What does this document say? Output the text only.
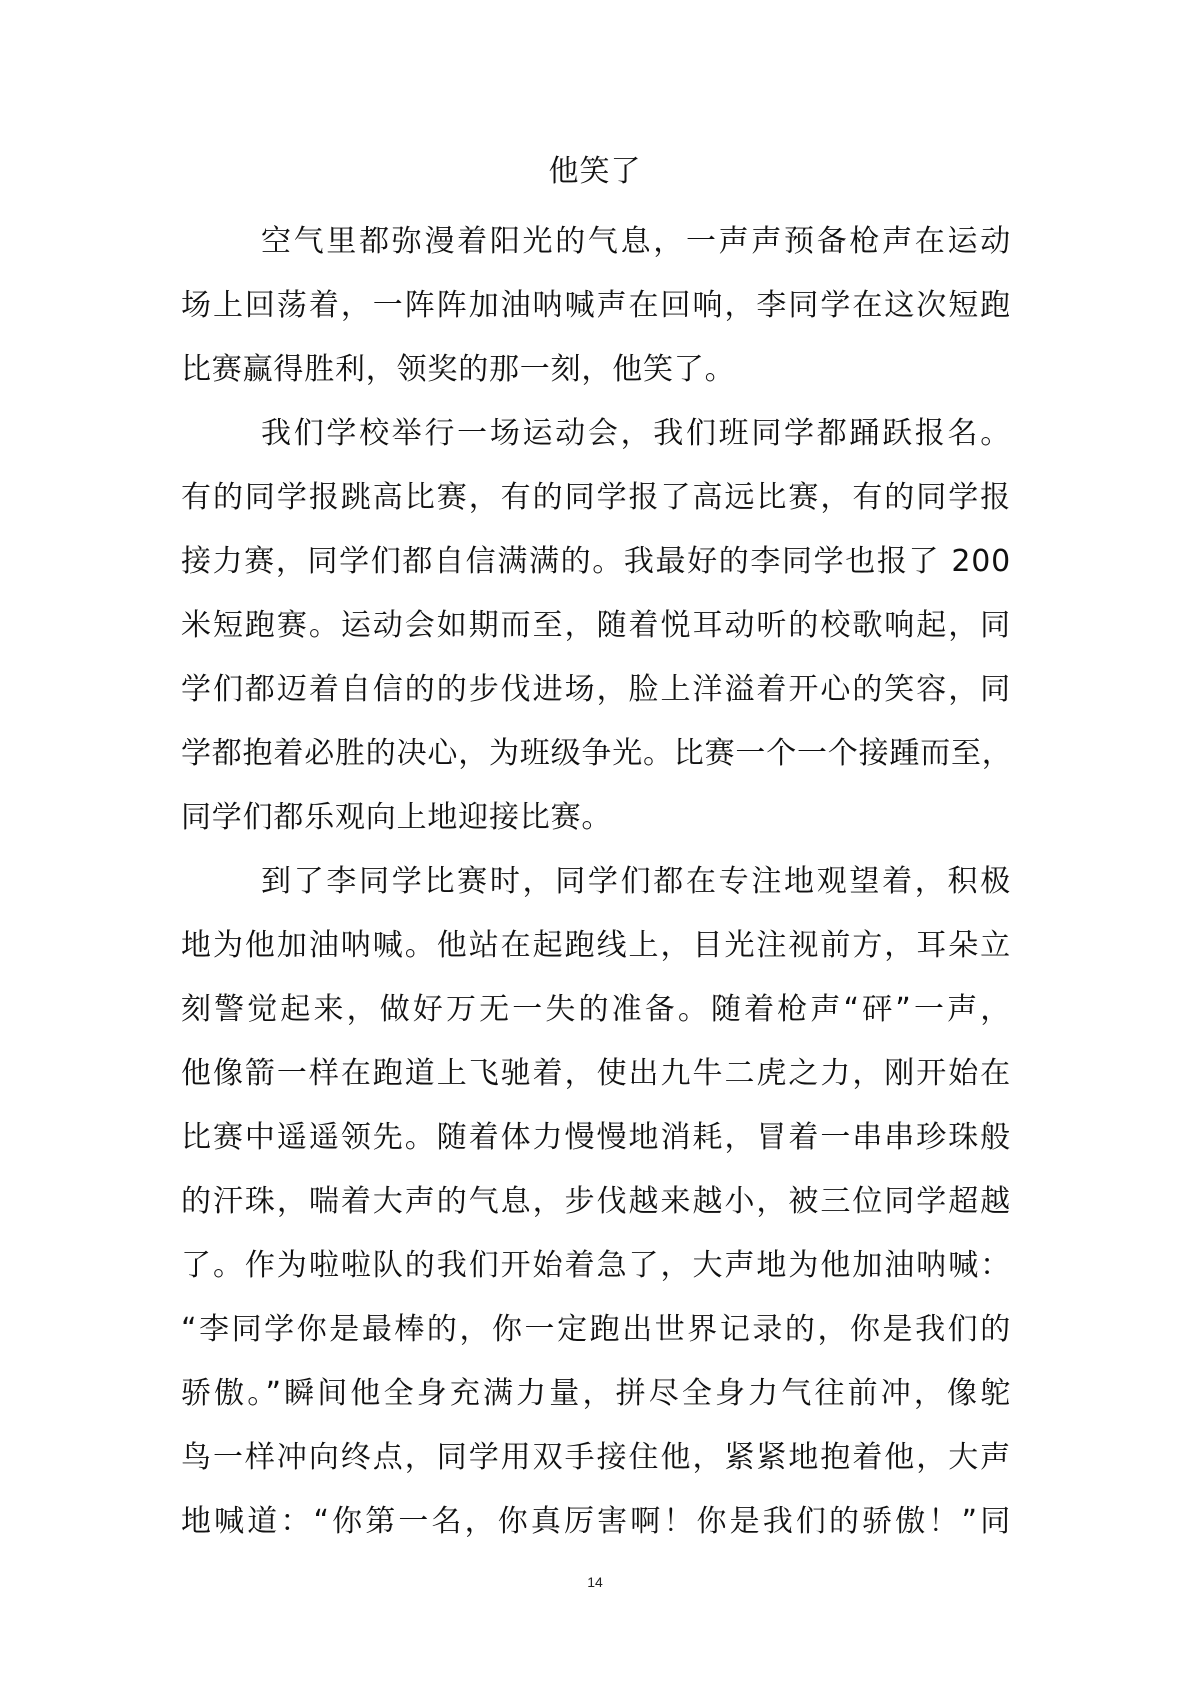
他笑了
空气里都弥漫着阳光的气息，一声声预备枪声在运动
场上回荡着，一阵阵加油呐喊声在回响，李同学在这次短跑
比赛赢得胜利，领奖的那一刻，他笑了。
我们学校举行一场运动会，我们班同学都踊跃报名。
有的同学报跳高比赛，有的同学报了高远比赛，有的同学报
接力赛，同学们都自信满满的。我最好的李同学也报了 200
米短跑赛。运动会如期而至，随着悦耳动听的校歌响起，同
学们都迈着自信的的步伐进场，脸上洋溢着开心的笑容，同
学都抱着必胜的决心，为班级争光。比赛一个一个接踵而至，
同学们都乐观向上地迎接比赛。
到了李同学比赛时，同学们都在专注地观望着，积极
地为他加油呐喊。他站在起跑线上，目光注视前方，耳朵立
刻警觉起来，做好万无一失的准备。随着枪声“砰”一声，
他像箭一样在跑道上飞驰着，使出九牛二虎之力，刚开始在
比赛中遥遥领先。随着体力慢慢地消耗，冒着一串串珍珠般
的汗珠，喘着大声的气息，步伐越来越小，被三位同学超越
了。作为啦啦队的我们开始着急了，大声地为他加油呐喊：
“李同学你是最棒的，你一定跑出世界记录的，你是我们的
骄傲。”瞬间他全身充满力量，拼尽全身力气往前冲，像鸵
鸟一样冲向终点，同学用双手接住他，紧紧地抱着他，大声
地喊道：“你第一名，你真厉害啊！你是我们的骄傲！”同
14
